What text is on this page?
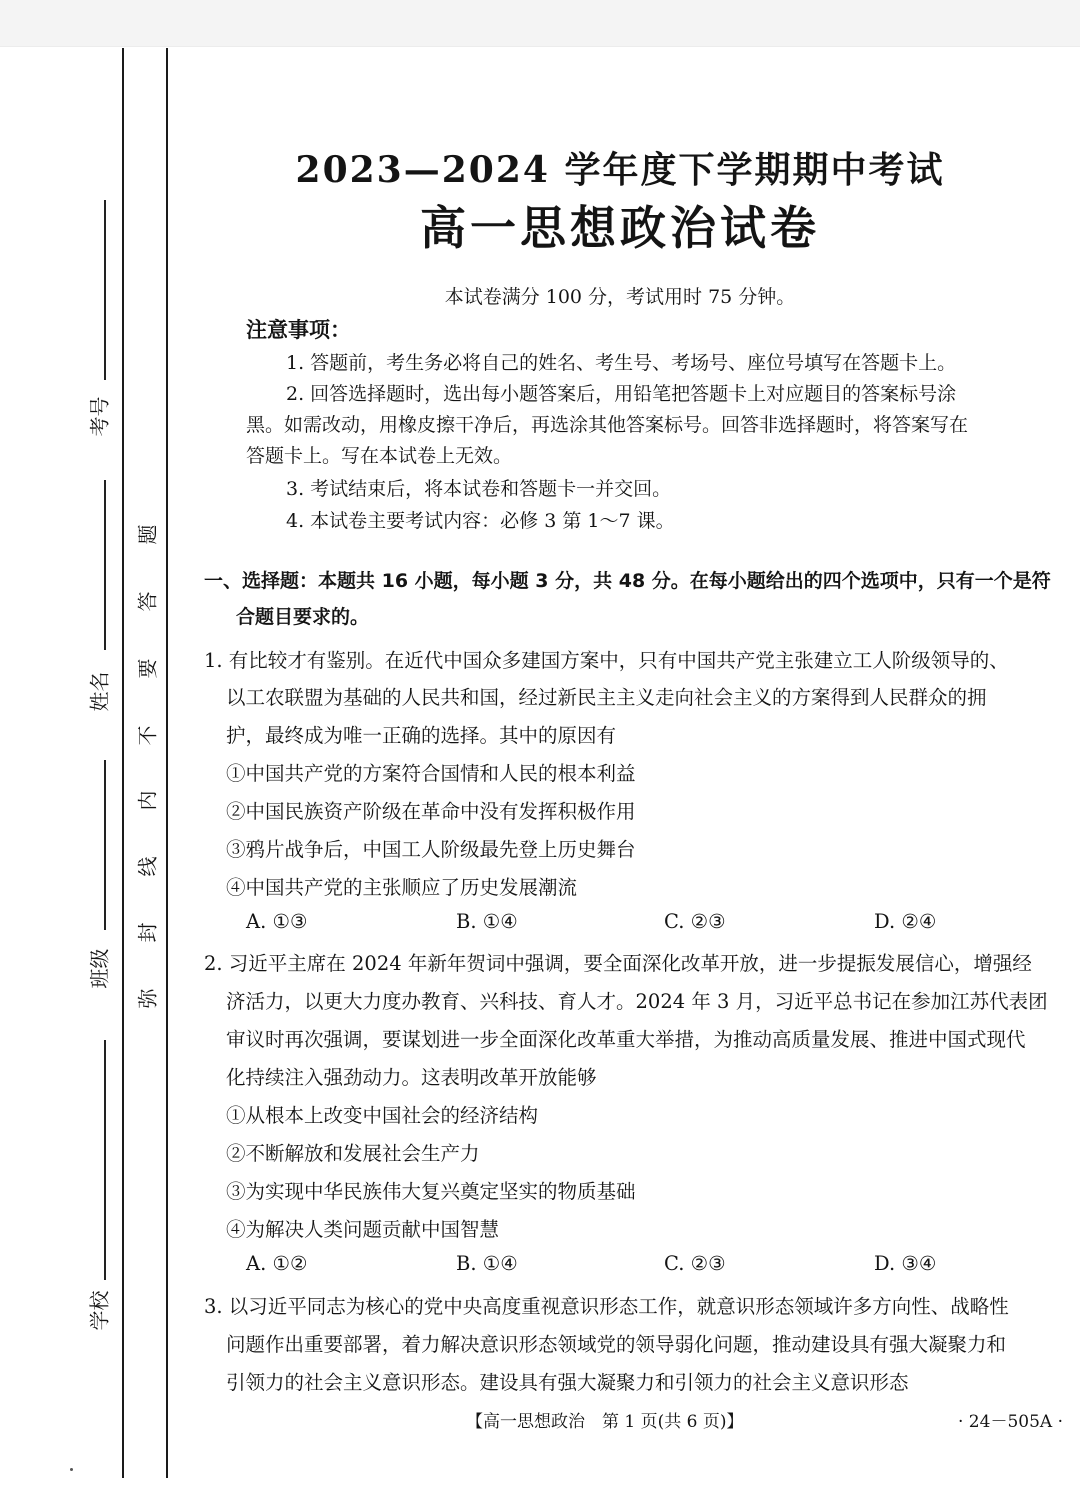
考号
姓名
班级
学校
题
答
要
不
内
线
封
弥
2023—2024 学年度下学期期中考试
高一思想政治试卷
本试卷满分 100 分，考试用时 75 分钟。
注意事项：
1. 答题前，考生务必将自己的姓名、考生号、考场号、座位号填写在答题卡上。
2. 回答选择题时，选出每小题答案后，用铅笔把答题卡上对应题目的答案标号涂
黑。如需改动，用橡皮擦干净后，再选涂其他答案标号。回答非选择题时，将答案写在
答题卡上。写在本试卷上无效。
3. 考试结束后，将本试卷和答题卡一并交回。
4. 本试卷主要考试内容：必修 3 第 1～7 课。
一、选择题：本题共 16 小题，每小题 3 分，共 48 分。在每小题给出的四个选项中，只有一个是符
合题目要求的。
1. 有比较才有鉴别。在近代中国众多建国方案中，只有中国共产党主张建立工人阶级领导的、
以工农联盟为基础的人民共和国，经过新民主主义走向社会主义的方案得到人民群众的拥
护，最终成为唯一正确的选择。其中的原因有
①中国共产党的方案符合国情和人民的根本利益
②中国民族资产阶级在革命中没有发挥积极作用
③鸦片战争后，中国工人阶级最先登上历史舞台
④中国共产党的主张顺应了历史发展潮流
A. ①③	B. ①④	C. ②③	D. ②④
2. 习近平主席在 2024 年新年贺词中强调，要全面深化改革开放，进一步提振发展信心，增强经
济活力，以更大力度办教育、兴科技、育人才。2024 年 3 月，习近平总书记在参加江苏代表团
审议时再次强调，要谋划进一步全面深化改革重大举措，为推动高质量发展、推进中国式现代
化持续注入强劲动力。这表明改革开放能够
①从根本上改变中国社会的经济结构
②不断解放和发展社会生产力
③为实现中华民族伟大复兴奠定坚实的物质基础
④为解决人类问题贡献中国智慧
A. ①②	B. ①④	C. ②③	D. ③④
3. 以习近平同志为核心的党中央高度重视意识形态工作，就意识形态领域许多方向性、战略性
问题作出重要部署，着力解决意识形态领域党的领导弱化问题，推动建设具有强大凝聚力和
引领力的社会主义意识形态。建设具有强大凝聚力和引领力的社会主义意识形态
【高一思想政治　第 1 页(共 6 页)】	· 24－505A ·
